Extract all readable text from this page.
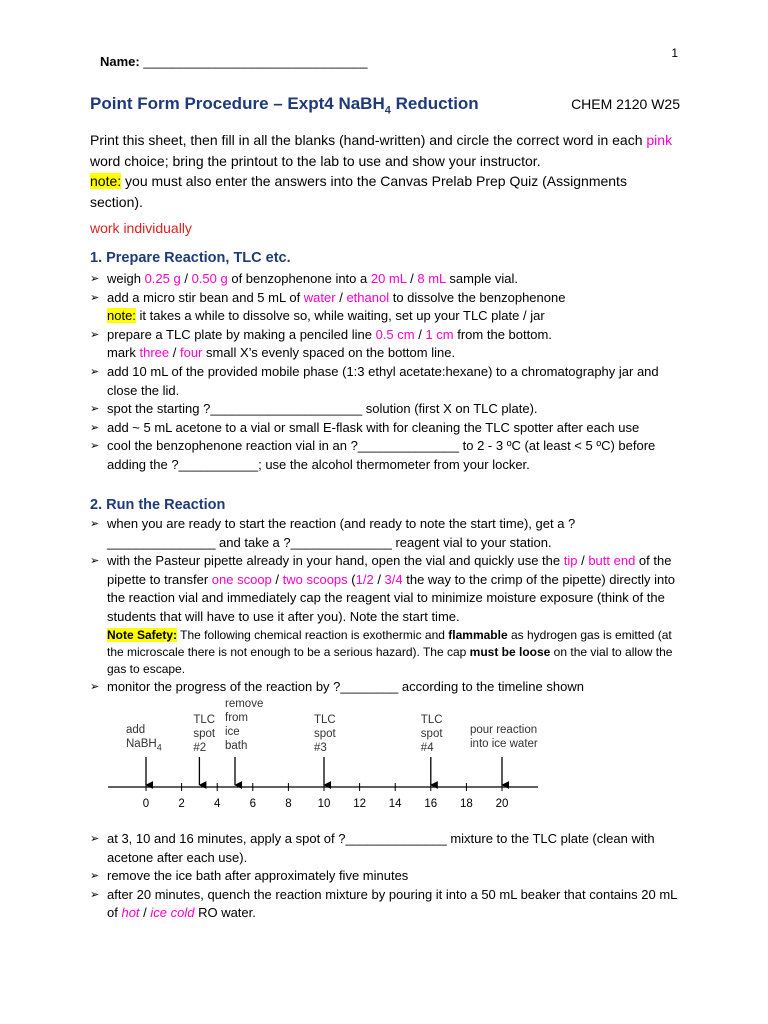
1
Name: _______________________________
Point Form Procedure – Expt4 NaBH$_4$ Reduction	CHEM 2120 W25
Print this sheet, then fill in all the blanks (hand-written) and circle the correct word in each pink word choice; bring the printout to the lab to use and show your instructor.
note: you must also enter the answers into the Canvas Prelab Prep Quiz (Assignments section).
work individually
1. Prepare Reaction, TLC etc.
➢ weigh 0.25 g / 0.50 g of benzophenone into a 20 mL / 8 mL sample vial.
➢ add a micro stir bean and 5 mL of water / ethanol to dissolve the benzophenone
note: it takes a while to dissolve so, while waiting, set up your TLC plate / jar
➢ prepare a TLC plate by making a penciled line 0.5 cm / 1 cm from the bottom.
mark three / four small X’s evenly spaced on the bottom line.
➢ add 10 mL of the provided mobile phase (1:3 ethyl acetate:hexane) to a chromatography jar and close the lid.
➢ spot the starting ?_____________________ solution (first X on TLC plate).
➢ add ~ 5 mL acetone to a vial or small E-flask with for cleaning the TLC spotter after each use
➢ cool the benzophenone reaction vial in an ?______________ to 2 - 3 ºC (at least < 5 ºC) before adding the ?___________; use the alcohol thermometer from your locker.
2. Run the Reaction
➢ when you are ready to start the reaction (and ready to note the start time), get a ? _______________ and take a ?______________ reagent vial to your station.
➢ with the Pasteur pipette already in your hand, open the vial and quickly use the tip / butt end of the pipette to transfer one scoop / two scoops (1/2 / 3/4 the way to the crimp of the pipette) directly into the reaction vial and immediately cap the reagent vial to minimize moisture exposure (think of the students that will have to use it after you). Note the start time.
Note Safety: The following chemical reaction is exothermic and flammable as hydrogen gas is emitted (at the microscale there is not enough to be a serious hazard). The cap must be loose on the vial to allow the gas to escape.
➢ monitor the progress of the reaction by ?________ according to the timeline shown
add
NaBH$_4$
TLC
spot
#2
remove
from
ice
bath
TLC
spot
#3
TLC
spot
#4
pour reaction
into ice water
0	2	4	6	8	10	12	14	16	18	20
➢ at 3, 10 and 16 minutes, apply a spot of ?______________ mixture to the TLC plate (clean with acetone after each use).
➢ remove the ice bath after approximately five minutes
➢ after 20 minutes, quench the reaction mixture by pouring it into a 50 mL beaker that contains 20 mL of hot / ice cold RO water.
